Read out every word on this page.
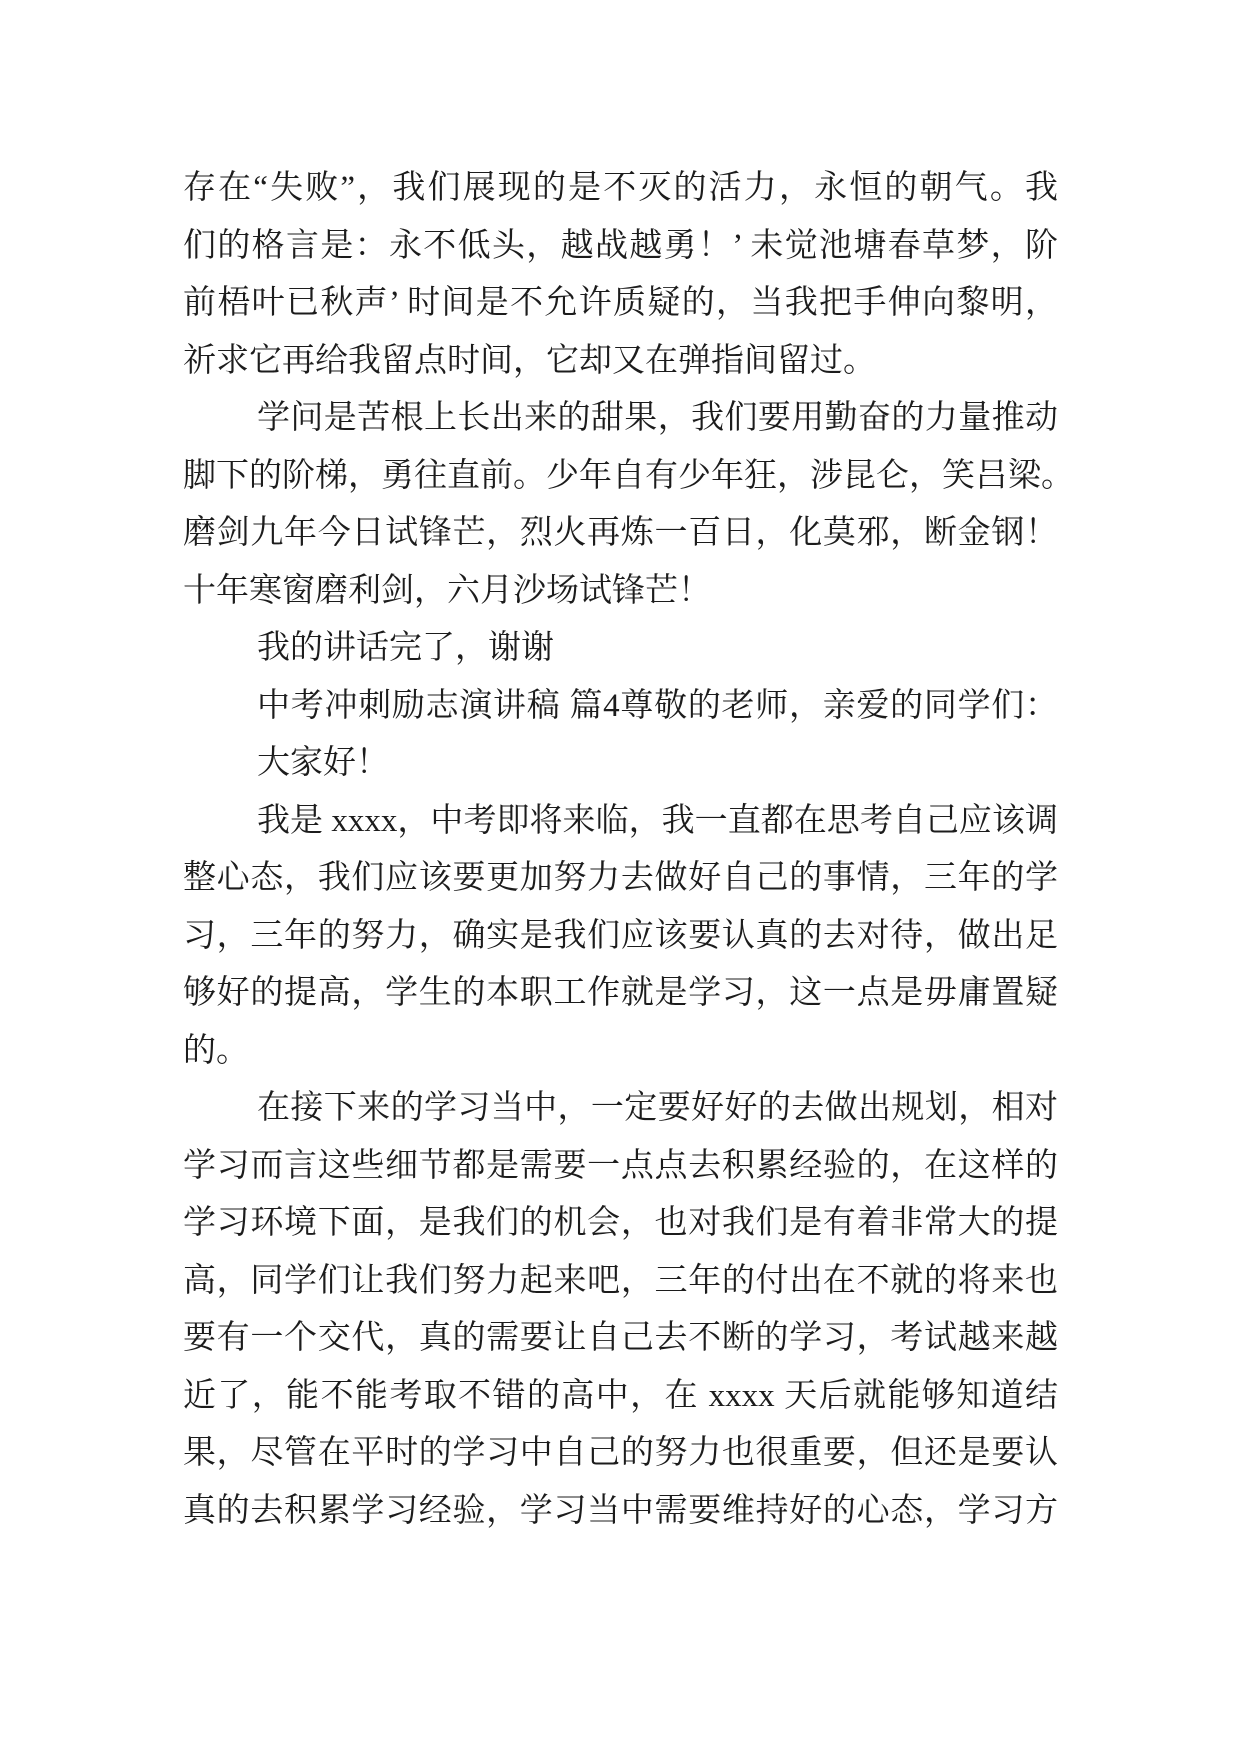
存在“失败”，我们展现的是不灭的活力，永恒的朝气。我
们的格言是：永不低头，越战越勇！’ 未觉池塘春草梦，阶
前梧叶已秋声’ 时间是不允许质疑的，当我把手伸向黎明，
祈求它再给我留点时间，它却又在弹指间留过。
学问是苦根上长出来的甜果，我们要用勤奋的力量推动
脚下的阶梯，勇往直前。少年自有少年狂，涉昆仑，笑吕梁。
磨剑九年今日试锋芒，烈火再炼一百日，化莫邪，断金钢！
十年寒窗磨利剑，六月沙场试锋芒！
我的讲话完了，谢谢
中考冲刺励志演讲稿 篇4尊敬的老师，亲爱的同学们：
大家好！
我是 xxxx，中考即将来临，我一直都在思考自己应该调
整心态，我们应该要更加努力去做好自己的事情，三年的学
习，三年的努力，确实是我们应该要认真的去对待，做出足
够好的提高，学生的本职工作就是学习，这一点是毋庸置疑
的。
在接下来的学习当中，一定要好好的去做出规划，相对
学习而言这些细节都是需要一点点去积累经验的，在这样的
学习环境下面，是我们的机会，也对我们是有着非常大的提
高，同学们让我们努力起来吧，三年的付出在不就的将来也
要有一个交代，真的需要让自己去不断的学习，考试越来越
近了，能不能考取不错的高中，在 xxxx 天后就能够知道结
果，尽管在平时的学习中自己的努力也很重要，但还是要认
真的去积累学习经验，学习当中需要维持好的心态，学习方
